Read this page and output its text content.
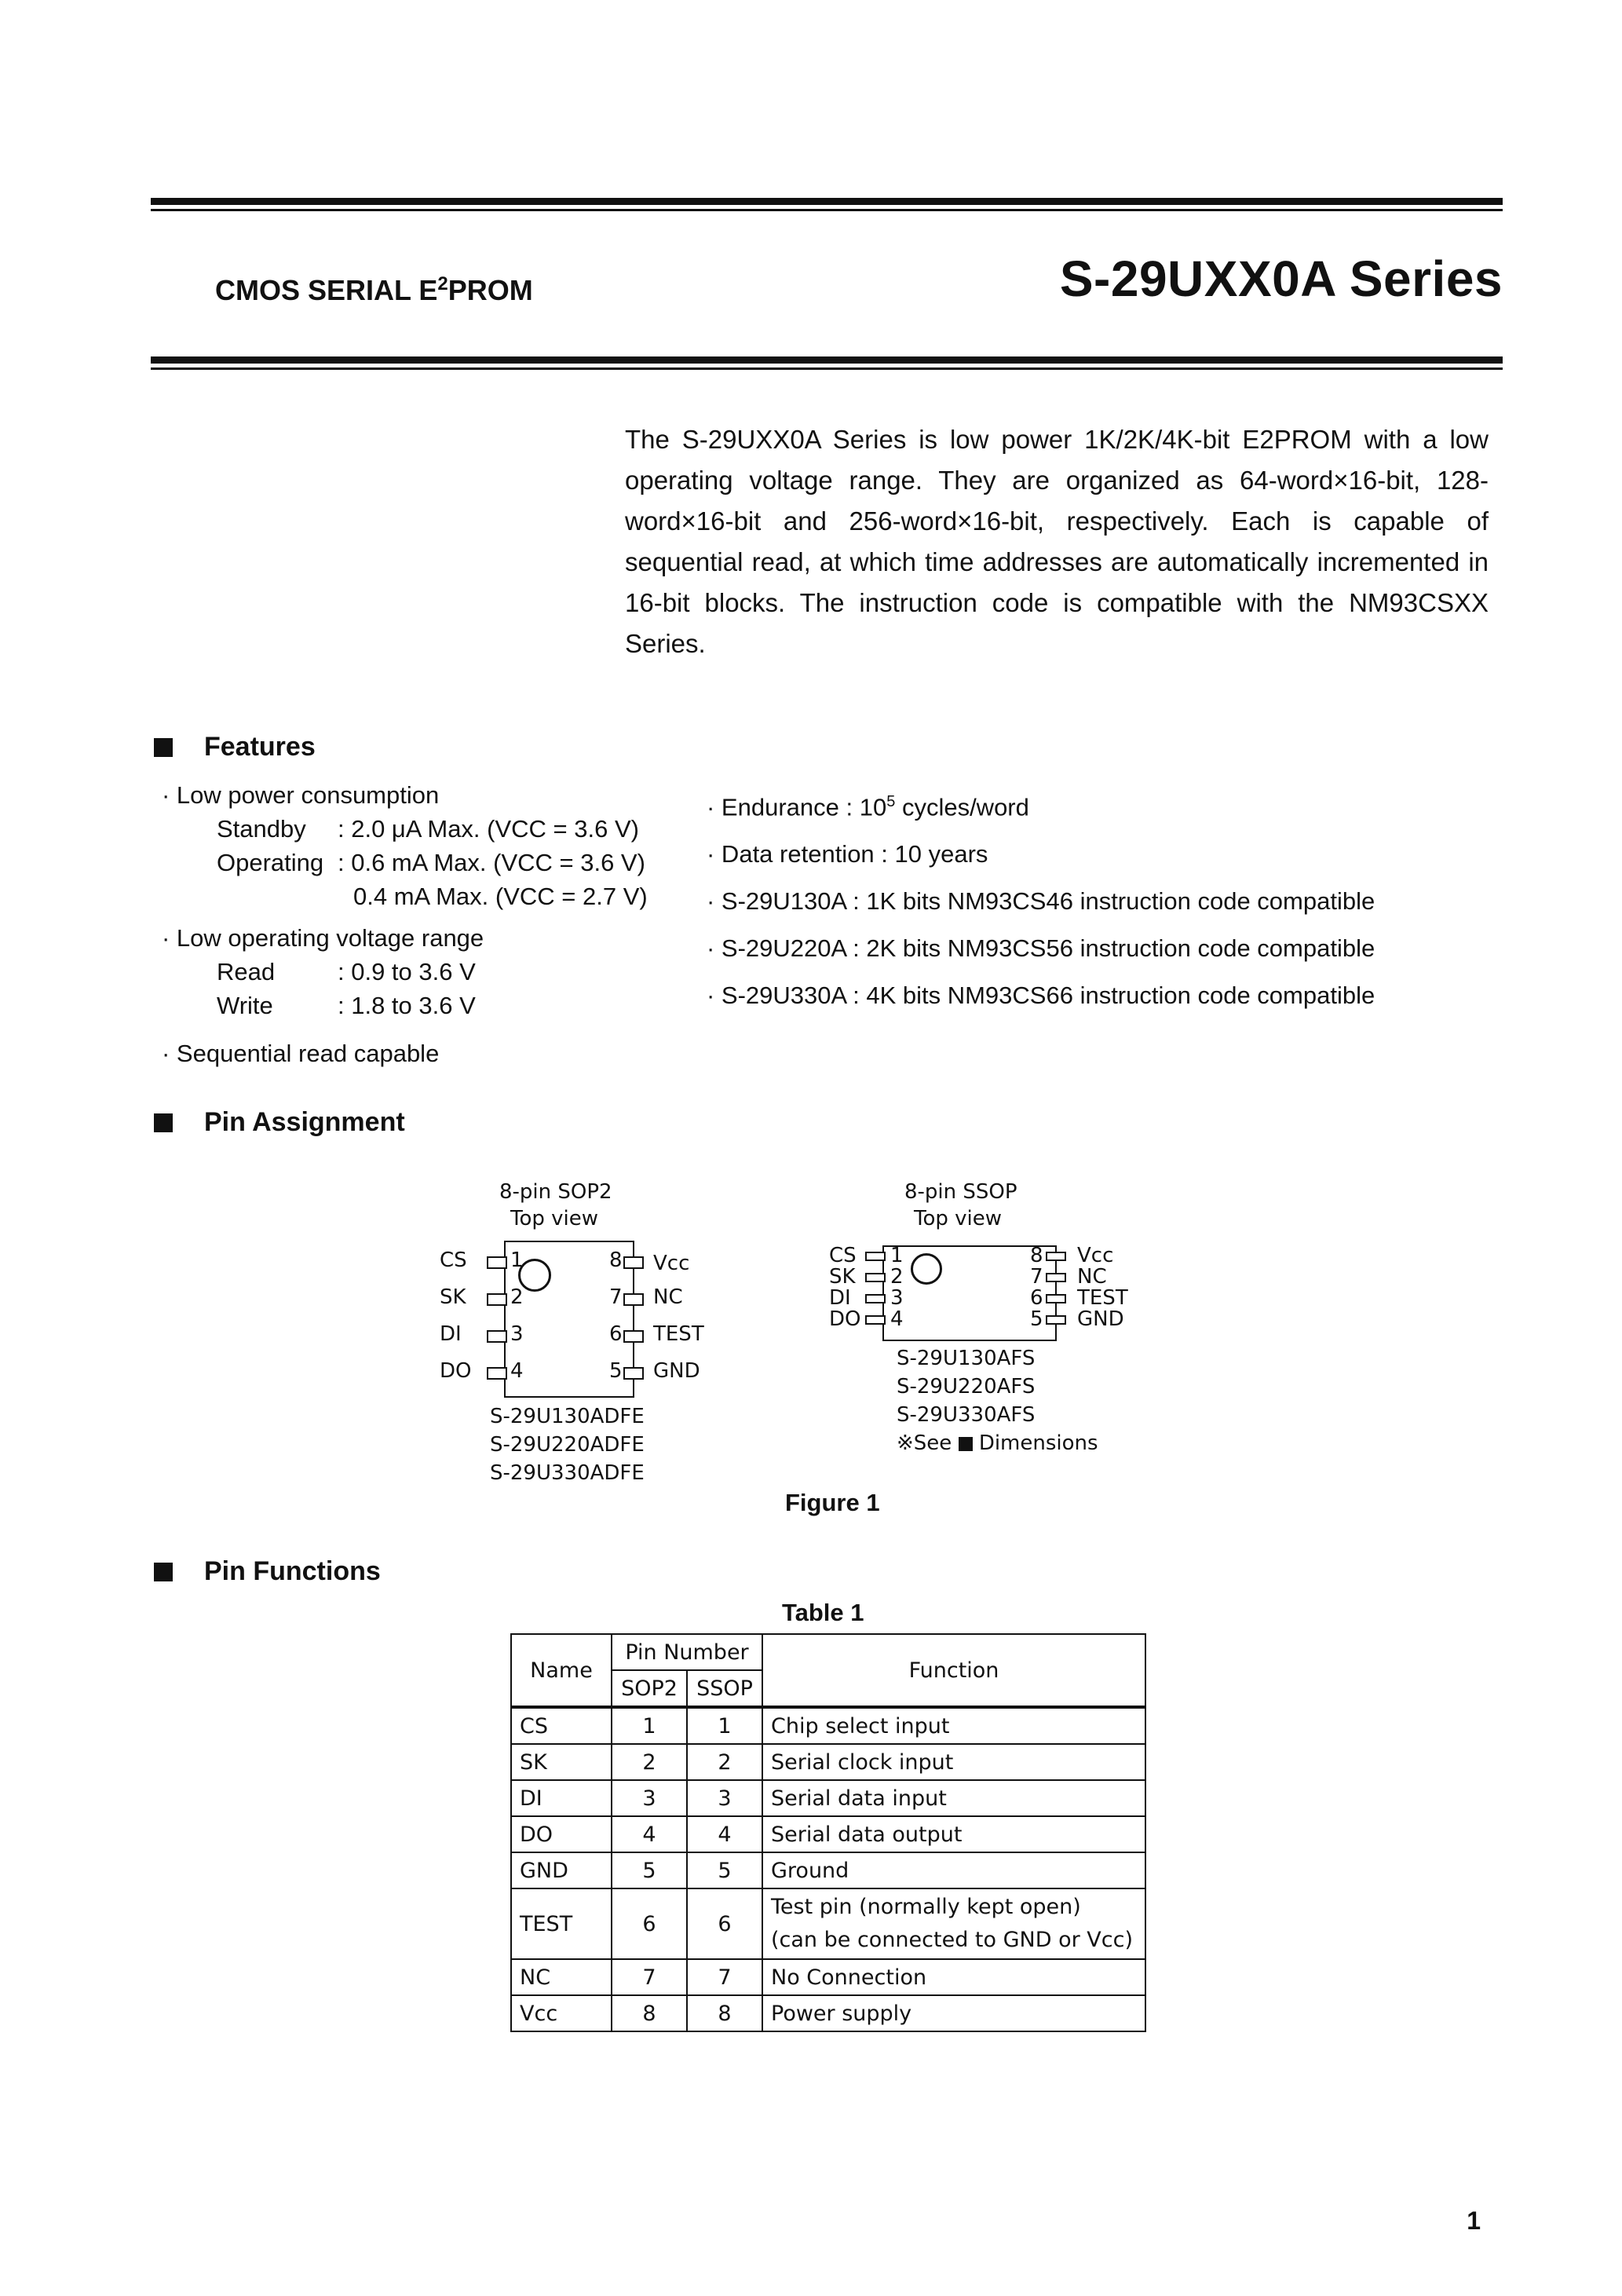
CMOS SERIAL $E^2PROM$	S-29UXX0A Series

The S-29UXX0A Series is low power 1K/2K/4K-bit E2PROM with a low operating voltage range. They are organized as 64-word×16-bit, 128-word×16-bit and 256-word×16-bit, respectively. Each is capable of sequential read, at which time addresses are automatically incremented in 16-bit blocks. The instruction code is compatible with the NM93CSXX Series.

Features
· Low power consumption
Standby : 2.0 μA Max. (VCC = 3.6 V)
Operating : 0.6 mA Max. (VCC = 3.6 V)
0.4 mA Max. (VCC = 2.7 V)
· Low operating voltage range
Read	: 0.9 to 3.6 V
Write	: 1.8 to 3.6 V
· Sequential read capable
· Endurance : $10^5$ cycles/word
· Data retention : 10 years
· S-29U130A : 1K bits NM93CS46 instruction code compatible
· S-29U220A : 2K bits NM93CS56 instruction code compatible
· S-29U330A : 4K bits NM93CS66 instruction code compatible
Pin Assignment
8-pin SOP2
Top view
CS
SK
DI
DO
1
2
3
4
8
7
6
5
Vcc
NC
TEST
GND
S-29U130ADFE
S-29U220ADFE
S-29U330ADFE
8-pin SSOP
Top view
CS
SK
DI
DO
1
2
3
4
8
7
6
5
Vcc
NC
TEST
GND
S-29U130AFS
S-29U220AFS
S-29U330AFS
※See Dimensions
Figure 1
Pin Functions
Table 1
Name	Pin Number		Function
	SOP2	SSOP	
CS	1	1	Chip select input
SK	2	2	Serial clock input
DI	3	3	Serial data input
DO	4	4	Serial data output
GND	5	5	Ground
TEST	6	6	Test pin (normally kept open)
(can be connected to GND or Vcc)

NC	7	7	No Connection
Vcc	8	8	Power supply
1
